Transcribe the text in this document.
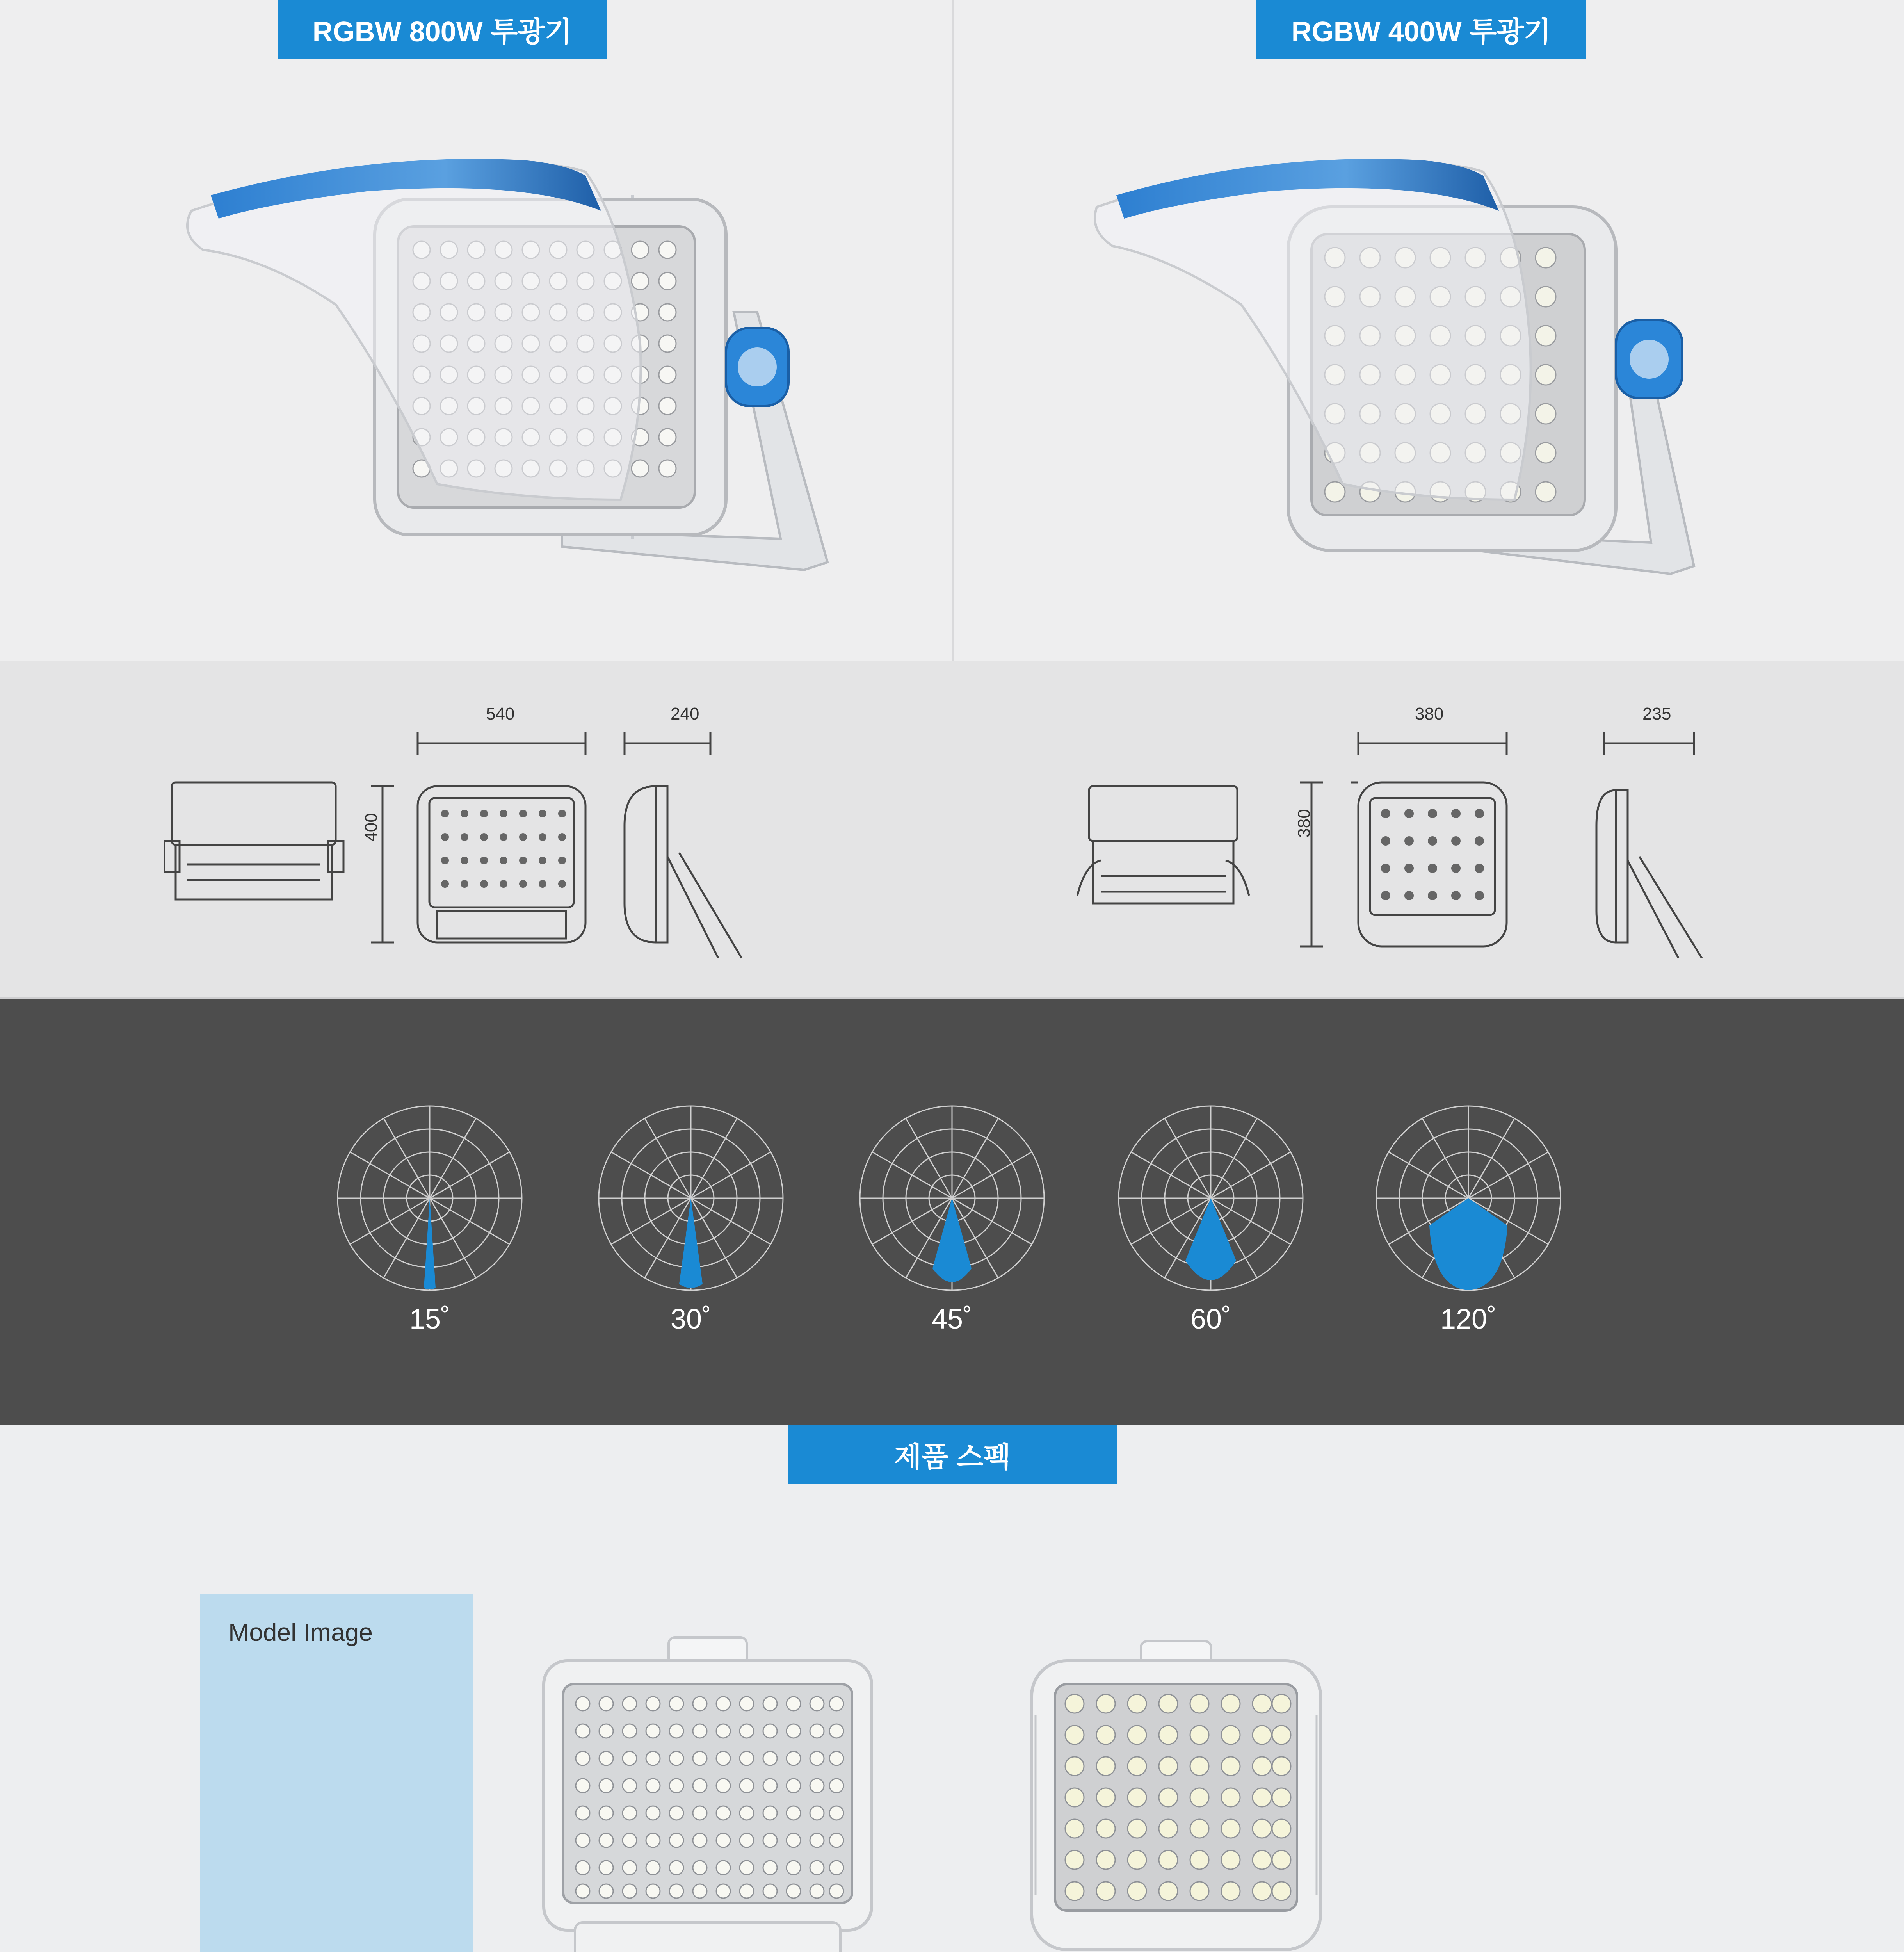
RGBW 800W 투광기	RGBW 400W 투광기
540	240
400
380	235
380
15˚	30˚	45˚	60˚	120˚
제품 스펙
Model Image
